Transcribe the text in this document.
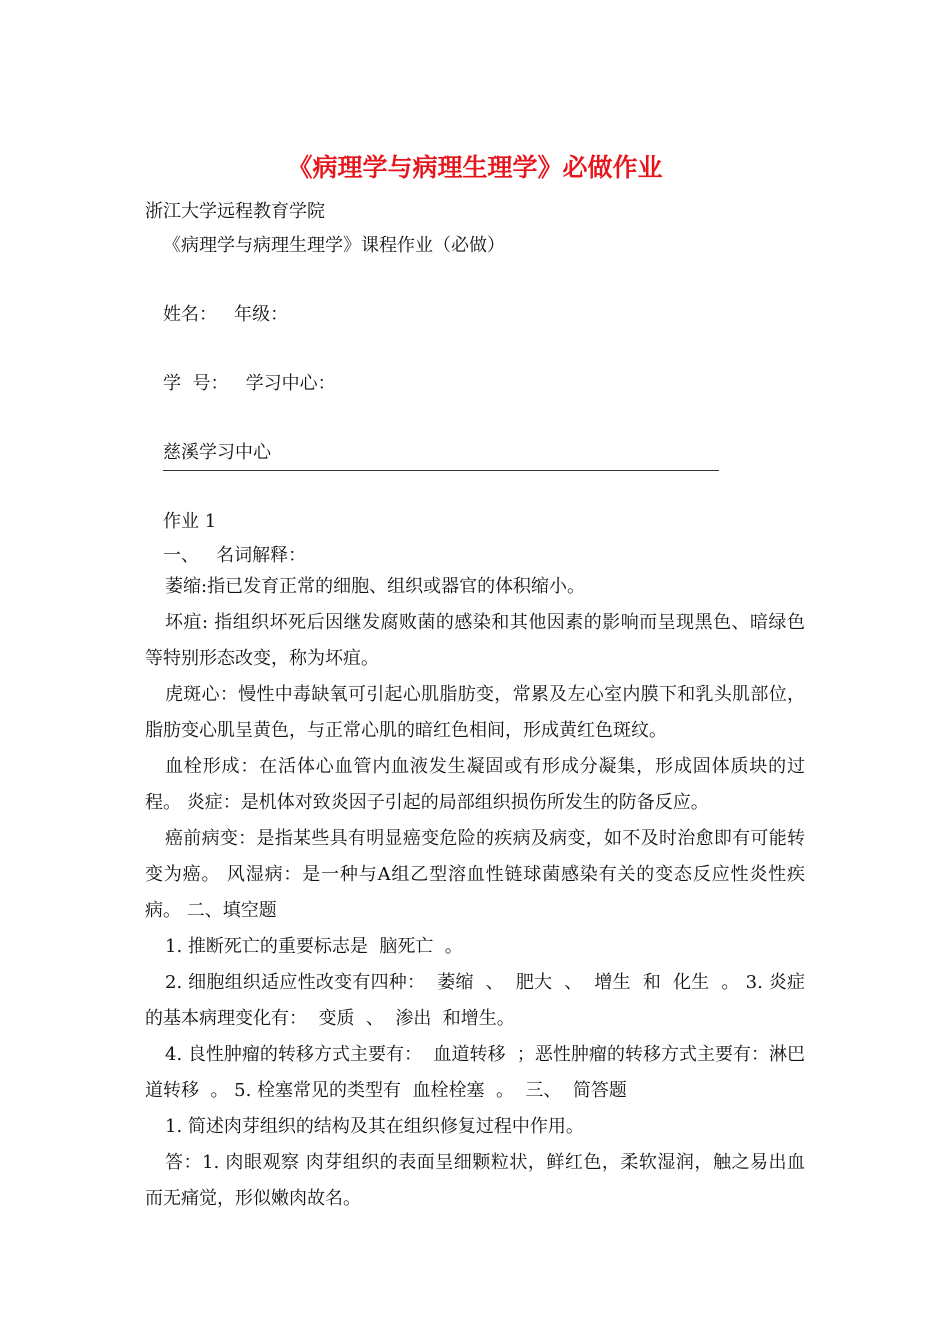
《病理学与病理生理学》必做作业
浙江大学远程教育学院
《病理学与病理生理学》课程作业（必做）
姓名：   年级：
学  号：   学习中心：
慈溪学习中心
作业 1
一、   名词解释：
萎缩:指已发育正常的细胞、组织或器官的体积缩小。
坏疽: 指组织坏死后因继发腐败菌的感染和其他因素的影响而呈现黑色、暗绿色等特别形态改变，称为坏疽。
虎斑心：慢性中毒缺氧可引起心肌脂肪变，常累及左心室内膜下和乳头肌部位，脂肪变心肌呈黄色，与正常心肌的暗红色相间，形成黄红色斑纹。
血栓形成：在活体心血管内血液发生凝固或有形成分凝集，形成固体质块的过程。 炎症：是机体对致炎因子引起的局部组织损伤所发生的防备反应。
癌前病变：是指某些具有明显癌变危险的疾病及病变，如不及时治愈即有可能转变为癌。 风湿病：是一种与A组乙型溶血性链球菌感染有关的变态反应性炎性疾病。 二、填空题
1. 推断死亡的重要标志是  脑死亡  。
2. 细胞组织适应性改变有四种：  萎缩  、  肥大  、  增生  和  化生  。 3. 炎症的基本病理变化有：  变质  、  渗出  和增生。
4. 良性肿瘤的转移方式主要有：  血道转移  ；恶性肿瘤的转移方式主要有：淋巴道转移  。 5. 栓塞常见的类型有  血栓栓塞  。  三、  简答题
1. 简述肉芽组织的结构及其在组织修复过程中作用。
答：1. 肉眼观察 肉芽组织的表面呈细颗粒状，鲜红色，柔软湿润，触之易出血而无痛觉，形似嫩肉故名。
